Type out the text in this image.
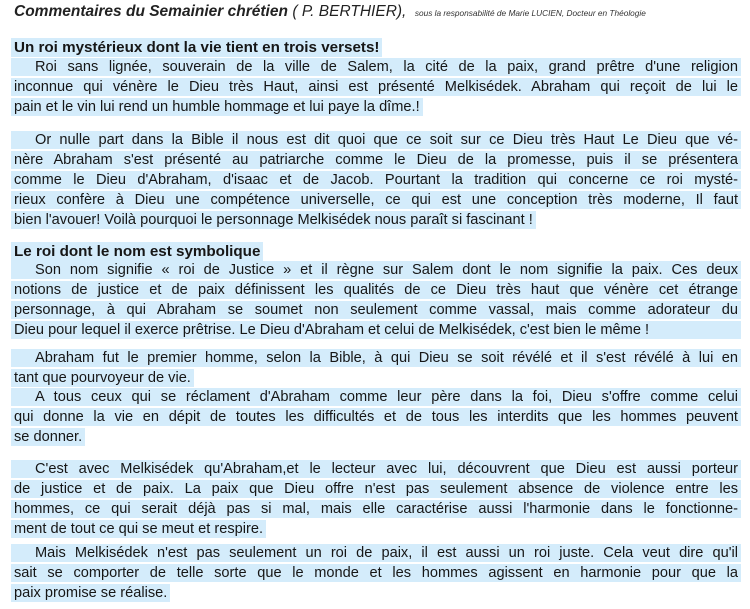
Commentaires du Semainier chrétien ( P. BERTHIER), sous la responsabilité de Marie LUCIEN, Docteur en Théologie
Un roi mystérieux dont la vie tient en trois versets!
Roi sans lignée, souverain de la ville de Salem, la cité de la paix, grand prêtre d'une religion
inconnue qui vénère le Dieu très Haut, ainsi est présenté Melkisédek. Abraham qui reçoit de lui le
pain et le vin lui rend un humble hommage et lui paye la dîme.!
Or nulle part dans la Bible il nous est dit quoi que ce soit sur ce Dieu très Haut Le Dieu que vé-
nère Abraham s'est présenté au patriarche comme le Dieu de la promesse, puis il se présentera
comme le Dieu d'Abraham, d'isaac et de Jacob. Pourtant la tradition qui concerne ce roi mysté-
rieux confère à Dieu une compétence universelle, ce qui est une conception très moderne, Il faut
bien l'avouer! Voilà pourquoi le personnage Melkisédek nous paraît si fascinant !
Le roi dont le nom est symbolique
Son nom signifie « roi de Justice » et il règne sur Salem dont le nom signifie la paix. Ces deux
notions de justice et de paix définissent les qualités de ce Dieu très haut que vénère cet étrange
personnage, à qui Abraham se soumet non seulement comme vassal, mais comme adorateur du
Dieu pour lequel il exerce prêtrise. Le Dieu d'Abraham et celui de Melkisédek, c'est bien le même !
Abraham fut le premier homme, selon la Bible, à qui Dieu se soit révélé et il s'est révélé à lui en
tant que pourvoyeur de vie.
A tous ceux qui se réclament d'Abraham comme leur père dans la foi, Dieu s'offre comme celui
qui donne la vie en dépit de toutes les difficultés et de tous les interdits que les hommes peuvent
se donner.
C'est avec Melkisédek qu'Abraham,et le lecteur avec lui, découvrent que Dieu est aussi porteur
de justice et de paix. La paix que Dieu offre n'est pas seulement absence de violence entre les
hommes, ce qui serait déjà pas si mal, mais elle caractérise aussi l'harmonie dans le fonctionne-
ment de tout ce qui se meut et respire.
Mais Melkisédek n'est pas seulement un roi de paix, il est aussi un roi juste. Cela veut dire qu'il
sait se comporter de telle sorte que le monde et les hommes agissent en harmonie pour que la
paix promise se réalise.
